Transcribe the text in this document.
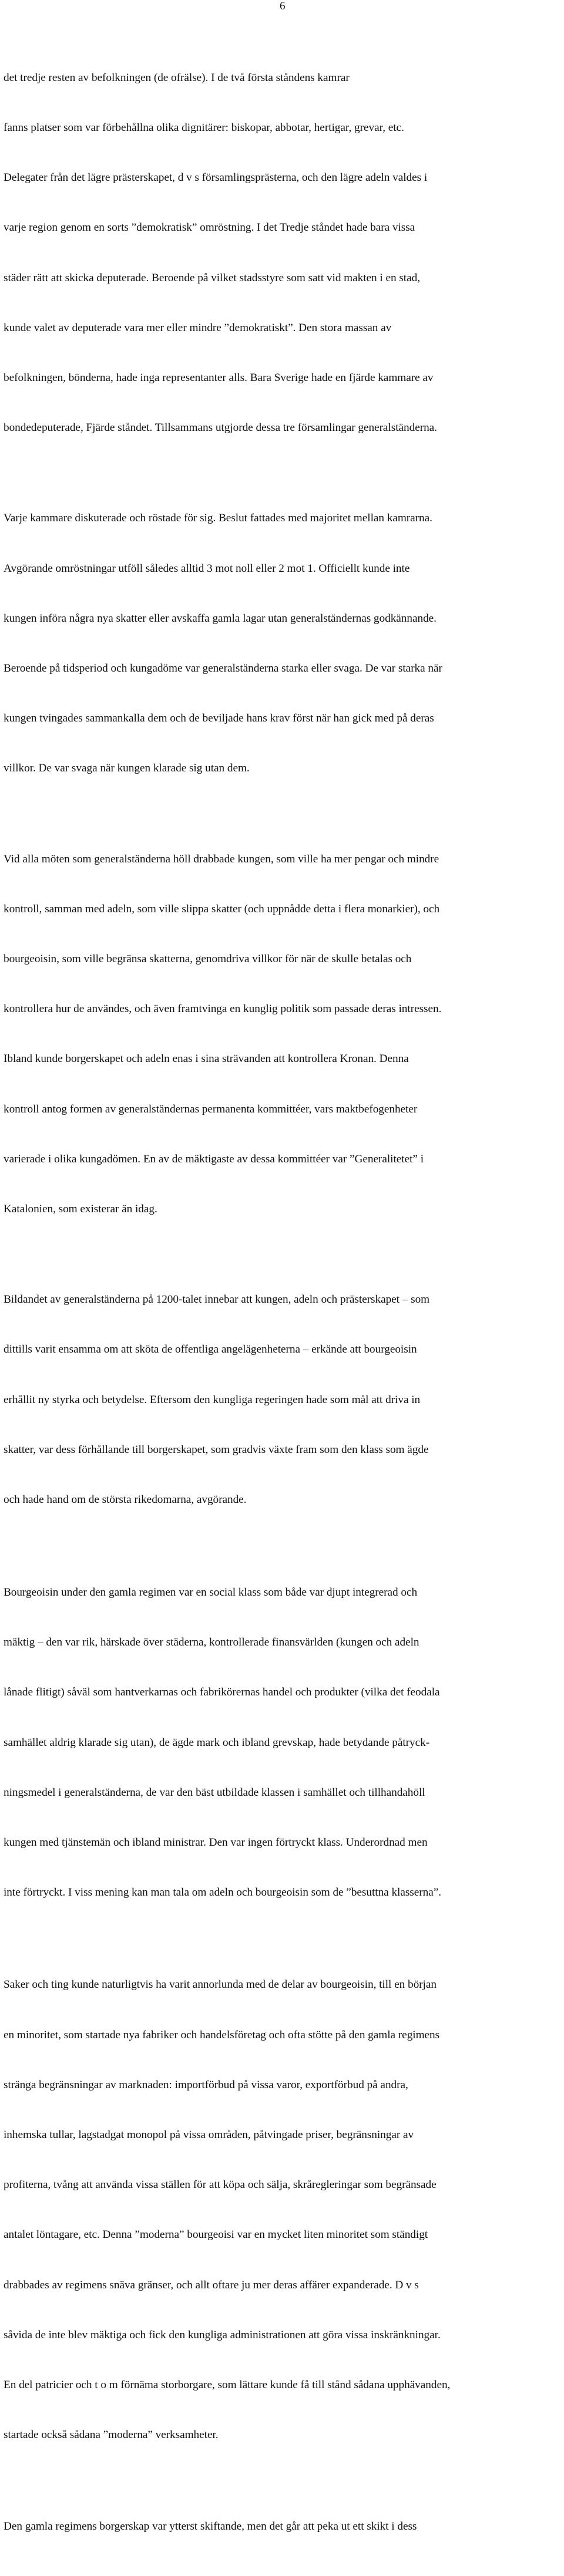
6

det tredje resten av befolkningen (de ofrälse). I de två första ståndens kamrar

fanns platser som var förbehållna olika dignitärer: biskopar, abbotar, hertigar, grevar, etc.

Delegater från det lägre prästerskapet, d v s församlingsprästerna, och den lägre adeln valdes i

varje region genom en sorts ”demokratisk” omröstning. I det Tredje ståndet hade bara vissa

städer rätt att skicka deputerade. Beroende på vilket stadsstyre som satt vid makten i en stad,

kunde valet av deputerade vara mer eller mindre ”demokratiskt”. Den stora massan av

befolkningen, bönderna, hade inga representanter alls. Bara Sverige hade en fjärde kammare av

bondedeputerade, Fjärde ståndet. Tillsammans utgjorde dessa tre församlingar generalständerna.

Varje kammare diskuterade och röstade för sig. Beslut fattades med majoritet mellan kamrarna.

Avgörande omröstningar utföll således alltid 3 mot noll eller 2 mot 1. Officiellt kunde inte

kungen införa några nya skatter eller avskaffa gamla lagar utan generalständernas godkännande.

Beroende på tidsperiod och kungadöme var generalständerna starka eller svaga. De var starka när

kungen tvingades sammankalla dem och de beviljade hans krav först när han gick med på deras

villkor. De var svaga när kungen klarade sig utan dem.

Vid alla möten som generalständerna höll drabbade kungen, som ville ha mer pengar och mindre

kontroll, samman med adeln, som ville slippa skatter (och uppnådde detta i flera monarkier), och

bourgeoisin, som ville begränsa skatterna, genomdriva villkor för när de skulle betalas och

kontrollera hur de användes, och även framtvinga en kunglig politik som passade deras intressen.

Ibland kunde borgerskapet och adeln enas i sina strävanden att kontrollera Kronan. Denna

kontroll antog formen av generalständernas permanenta kommittéer, vars maktbefogenheter

varierade i olika kungadömen. En av de mäktigaste av dessa kommittéer var ”Generalitetet” i

Katalonien, som existerar än idag.

Bildandet av generalständerna på 1200-talet innebar att kungen, adeln och prästerskapet – som

dittills varit ensamma om att sköta de offentliga angelägenheterna – erkände att bourgeoisin

erhållit ny styrka och betydelse. Eftersom den kungliga regeringen hade som mål att driva in

skatter, var dess förhållande till borgerskapet, som gradvis växte fram som den klass som ägde

och hade hand om de största rikedomarna, avgörande.

Bourgeoisin under den gamla regimen var en social klass som både var djupt integrerad och

mäktig – den var rik, härskade över städerna, kontrollerade finansvärlden (kungen och adeln

lånade flitigt) såväl som hantverkarnas och fabrikörernas handel och produkter (vilka det feodala

samhället aldrig klarade sig utan), de ägde mark och ibland grevskap, hade betydande påtryck-

ningsmedel i generalständerna, de var den bäst utbildade klassen i samhället och tillhandahöll

kungen med tjänstemän och ibland ministrar. Den var ingen förtryckt klass. Underordnad men

inte förtryckt. I viss mening kan man tala om adeln och bourgeoisin som de ”besuttna klasserna”.

Saker och ting kunde naturligtvis ha varit annorlunda med de delar av bourgeoisin, till en början

en minoritet, som startade nya fabriker och handelsföretag och ofta stötte på den gamla regimens

stränga begränsningar av marknaden: importförbud på vissa varor, exportförbud på andra,

inhemska tullar, lagstadgat monopol på vissa områden, påtvingade priser, begränsningar av

profiterna, tvång att använda vissa ställen för att köpa och sälja, skråregleringar som begränsade

antalet löntagare, etc. Denna ”moderna” bourgeoisi var en mycket liten minoritet som ständigt

drabbades av regimens snäva gränser, och allt oftare ju mer deras affärer expanderade. D v s

såvida de inte blev mäktiga och fick den kungliga administrationen att göra vissa inskränkningar.

En del patricier och t o m förnäma storborgare, som lättare kunde få till stånd sådana upphävanden,

startade också sådana ”moderna” verksamheter.

Den gamla regimens borgerskap var ytterst skiftande, men det går att peka ut ett skikt i dess
